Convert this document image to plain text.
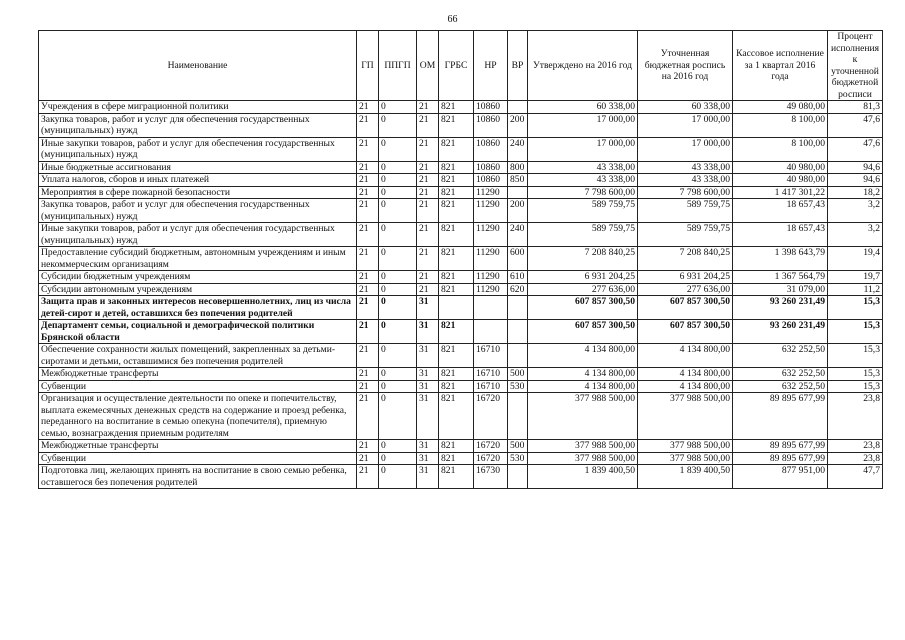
66
Наименование	ГП	ППГП	ОМ	ГРБС	НР	ВР	Утверждено на 2016 год	Уточненная бюджетная роспись на 2016 год	Кассовое исполнение за 1 квартал 2016 года	Процент исполнения к уточненной бюджетной росписи
Учреждения в сфере миграционной политики	21	0	21	821	10860		60 338,00	60 338,00	49 080,00	81,3
Закупка товаров, работ и услуг для обеспечения государственных (муниципальных) нужд	21	0	21	821	10860	200	17 000,00	17 000,00	8 100,00	47,6
Иные закупки товаров, работ и услуг для обеспечения государственных (муниципальных) нужд	21	0	21	821	10860	240	17 000,00	17 000,00	8 100,00	47,6
Иные бюджетные ассигнования	21	0	21	821	10860	800	43 338,00	43 338,00	40 980,00	94,6
Уплата налогов, сборов и иных платежей	21	0	21	821	10860	850	43 338,00	43 338,00	40 980,00	94,6
Мероприятия в сфере пожарной безопасности	21	0	21	821	11290		7 798 600,00	7 798 600,00	1 417 301,22	18,2
Закупка товаров, работ и услуг для обеспечения государственных (муниципальных) нужд	21	0	21	821	11290	200	589 759,75	589 759,75	18 657,43	3,2
Иные закупки товаров, работ и услуг для обеспечения государственных (муниципальных) нужд	21	0	21	821	11290	240	589 759,75	589 759,75	18 657,43	3,2
Предоставление субсидий бюджетным, автономным учреждениям и иным некоммерческим организациям	21	0	21	821	11290	600	7 208 840,25	7 208 840,25	1 398 643,79	19,4
Субсидии бюджетным учреждениям	21	0	21	821	11290	610	6 931 204,25	6 931 204,25	1 367 564,79	19,7
Субсидии автономным учреждениям	21	0	21	821	11290	620	277 636,00	277 636,00	31 079,00	11,2
Защита прав и законных интересов несовершеннолетних, лиц из числа детей-сирот и детей, оставшихся без попечения родителей	21	0	31				607 857 300,50	607 857 300,50	93 260 231,49	15,3
Департамент семьи, социальной и демографической политики Брянской области	21	0	31	821			607 857 300,50	607 857 300,50	93 260 231,49	15,3
Обеспечение сохранности жилых помещений, закрепленных за детьми-сиротами и детьми, оставшимися без попечения родителей	21	0	31	821	16710		4 134 800,00	4 134 800,00	632 252,50	15,3
Межбюджетные трансферты	21	0	31	821	16710	500	4 134 800,00	4 134 800,00	632 252,50	15,3
Субвенции	21	0	31	821	16710	530	4 134 800,00	4 134 800,00	632 252,50	15,3
Организация и осуществление деятельности по опеке и попечительству, выплата ежемесячных денежных средств на содержание и проезд ребенка, переданного на воспитание в семью опекуна (попечителя), приемную семью, вознаграждения приемным родителям	21	0	31	821	16720		377 988 500,00	377 988 500,00	89 895 677,99	23,8
Межбюджетные трансферты	21	0	31	821	16720	500	377 988 500,00	377 988 500,00	89 895 677,99	23,8
Субвенции	21	0	31	821	16720	530	377 988 500,00	377 988 500,00	89 895 677,99	23,8
Подготовка лиц, желающих принять на воспитание в свою семью ребенка, оставшегося без попечения родителей	21	0	31	821	16730		1 839 400,50	1 839 400,50	877 951,00	47,7
